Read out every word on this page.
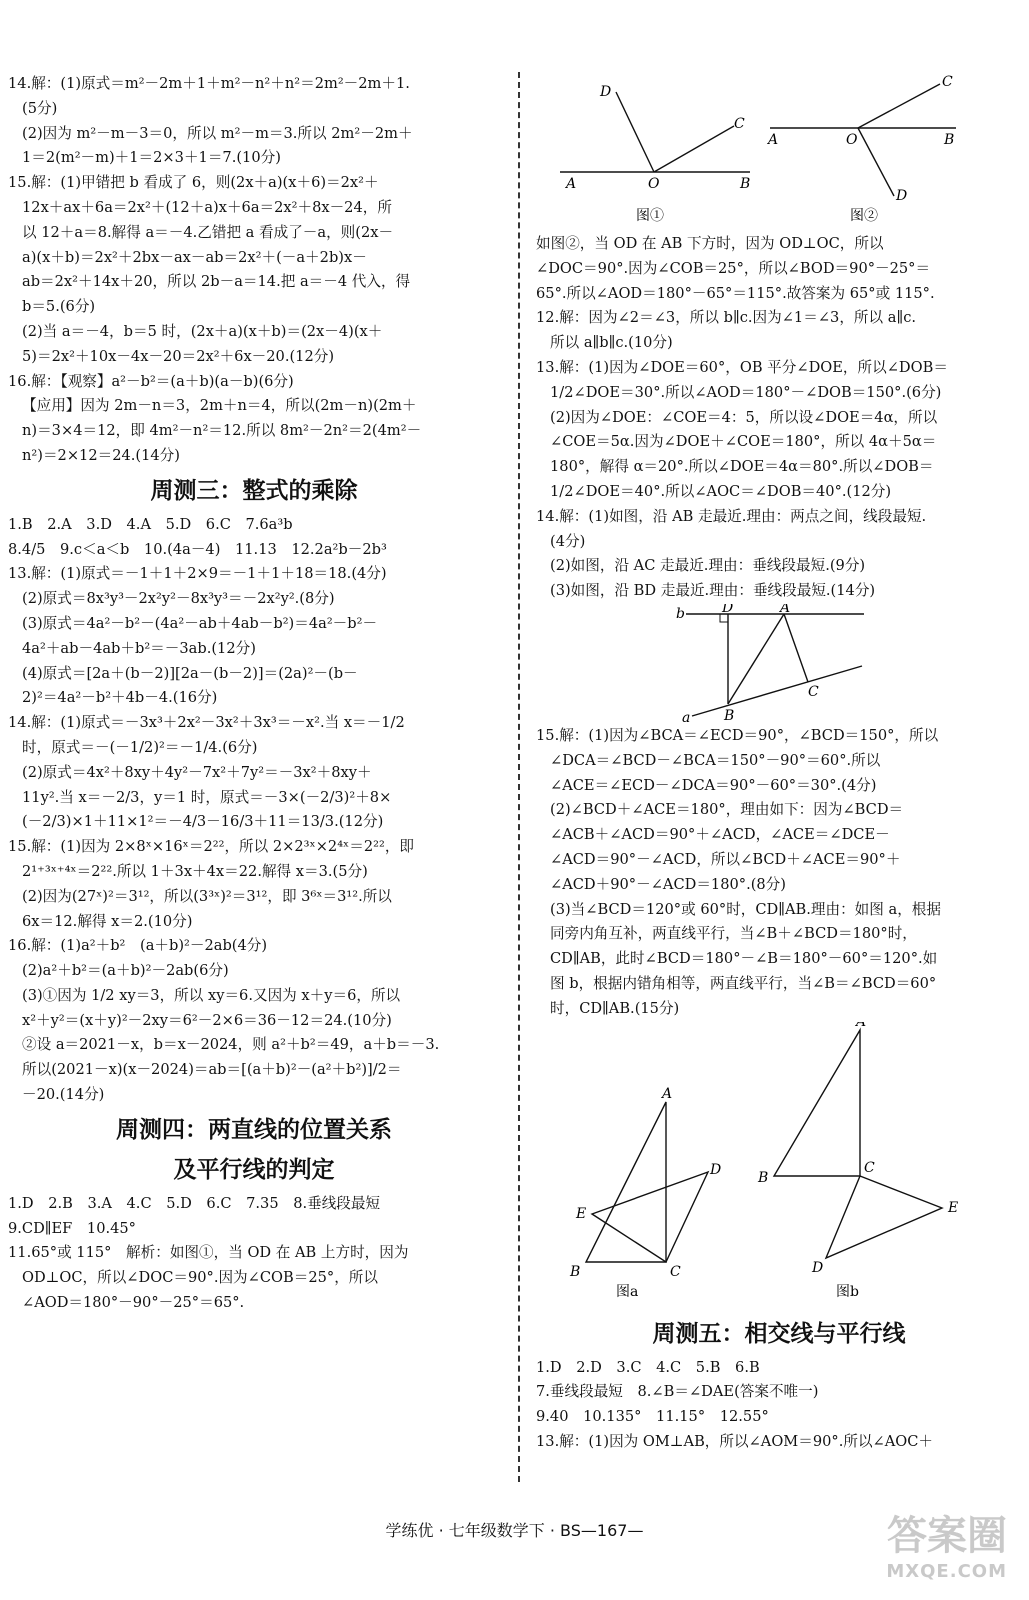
14.解：(1)原式＝m²－2m＋1＋m²－n²＋n²＝2m²－2m＋1.
(5分)
(2)因为 m²－m－3＝0，所以 m²－m＝3.所以 2m²－2m＋
1＝2(m²－m)＋1＝2×3＋1＝7.(10分)
15.解：(1)甲错把 b 看成了 6，则(2x＋a)(x＋6)＝2x²＋
12x＋ax＋6a＝2x²＋(12＋a)x＋6a＝2x²＋8x－24，所
以 12＋a＝8.解得 a＝－4.乙错把 a 看成了－a，则(2x－
a)(x＋b)＝2x²＋2bx－ax－ab＝2x²＋(－a＋2b)x－
ab＝2x²＋14x＋20，所以 2b－a＝14.把 a＝－4 代入，得
b＝5.(6分)
(2)当 a＝－4，b＝5 时，(2x＋a)(x＋b)＝(2x－4)(x＋
5)＝2x²＋10x－4x－20＝2x²＋6x－20.(12分)
16.解：【观察】a²－b²＝(a＋b)(a－b)(6分)
【应用】因为 2m－n＝3，2m＋n＝4，所以(2m－n)(2m＋
n)＝3×4＝12，即 4m²－n²＝12.所以 8m²－2n²＝2(4m²－
n²)＝2×12＝24.(14分)
周测三：整式的乘除
1.B　2.A　3.D　4.A　5.D　6.C　7.6a³b
8.4/5　9.c＜a＜b　10.(4a－4)　11.13　12.2a²b－2b³
13.解：(1)原式＝－1＋1＋2×9＝－1＋1＋18＝18.(4分)
(2)原式＝8x³y³－2x²y²－8x³y³＝－2x²y².(8分)
(3)原式＝4a²－b²－(4a²－ab＋4ab－b²)＝4a²－b²－
4a²＋ab－4ab＋b²＝－3ab.(12分)
(4)原式＝[2a＋(b－2)][2a－(b－2)]＝(2a)²－(b－
2)²＝4a²－b²＋4b－4.(16分)
14.解：(1)原式＝－3x³＋2x²－3x²＋3x³＝－x².当 x＝－1/2
时，原式＝－(－1/2)²＝－1/4.(6分)
(2)原式＝4x²＋8xy＋4y²－7x²＋7y²＝－3x²＋8xy＋
11y².当 x＝－2/3，y＝1 时，原式＝－3×(－2/3)²＋8×
(－2/3)×1＋11×1²＝－4/3－16/3＋11＝13/3.(12分)
15.解：(1)因为 2×8ˣ×16ˣ＝2²²，所以 2×2³ˣ×2⁴ˣ＝2²²，即
2¹⁺³ˣ⁺⁴ˣ＝2²².所以 1＋3x＋4x＝22.解得 x＝3.(5分)
(2)因为(27ˣ)²＝3¹²，所以(3³ˣ)²＝3¹²，即 3⁶ˣ＝3¹².所以
6x＝12.解得 x＝2.(10分)
16.解：(1)a²＋b²　(a＋b)²－2ab(4分)
(2)a²＋b²＝(a＋b)²－2ab(6分)
(3)①因为 1/2 xy＝3，所以 xy＝6.又因为 x＋y＝6，所以
x²＋y²＝(x＋y)²－2xy＝6²－2×6＝36－12＝24.(10分)
②设 a＝2021－x，b＝x－2024，则 a²＋b²＝49，a＋b＝－3.
所以(2021－x)(x－2024)＝ab＝[(a＋b)²－(a²＋b²)]/2＝
－20.(14分)
周测四：两直线的位置关系
及平行线的判定
1.D　2.B　3.A　4.C　5.D　6.C　7.35　8.垂线段最短
9.CD∥EF　10.45°
11.65°或 115°　解析：如图①，当 OD 在 AB 上方时，因为
OD⊥OC，所以∠DOC＝90°.因为∠COB＝25°，所以
∠AOD＝180°－90°－25°＝65°.
A	O	B
D
C
图①
A	O	B
C
D
图②
如图②，当 OD 在 AB 下方时，因为 OD⊥OC，所以
∠DOC＝90°.因为∠COB＝25°，所以∠BOD＝90°－25°＝
65°.所以∠AOD＝180°－65°＝115°.故答案为 65°或 115°.
12.解：因为∠2＝∠3，所以 b∥c.因为∠1＝∠3，所以 a∥c.
所以 a∥b∥c.(10分)
13.解：(1)因为∠DOE＝60°，OB 平分∠DOE，所以∠DOB＝
1/2∠DOE＝30°.所以∠AOD＝180°－∠DOB＝150°.(6分)
(2)因为∠DOE：∠COE＝4：5，所以设∠DOE＝4α，所以
∠COE＝5α.因为∠DOE＋∠COE＝180°，所以 4α＋5α＝
180°，解得 α＝20°.所以∠DOE＝4α＝80°.所以∠DOB＝
1/2∠DOE＝40°.所以∠AOC＝∠DOB＝40°.(12分)
14.解：(1)如图，沿 AB 走最近.理由：两点之间，线段最短.
(4分)
(2)如图，沿 AC 走最近.理由：垂线段最短.(9分)
(3)如图，沿 BD 走最近.理由：垂线段最短.(14分)
D	A
b
C
B
a
15.解：(1)因为∠BCA＝∠ECD＝90°，∠BCD＝150°，所以
∠DCA＝∠BCD－∠BCA＝150°－90°＝60°.所以
∠ACE＝∠ECD－∠DCA＝90°－60°＝30°.(4分)
(2)∠BCD＋∠ACE＝180°，理由如下：因为∠BCD＝
∠ACB＋∠ACD＝90°＋∠ACD，∠ACE＝∠DCE－
∠ACD＝90°－∠ACD，所以∠BCD＋∠ACE＝90°＋
∠ACD＋90°－∠ACD＝180°.(8分)
(3)当∠BCD＝120°或 60°时，CD∥AB.理由：如图 a，根据
同旁内角互补，两直线平行，当∠B＋∠BCD＝180°时，
CD∥AB，此时∠BCD＝180°－∠B＝180°－60°＝120°.如
图 b，根据内错角相等，两直线平行，当∠B＝∠BCD＝60°
时，CD∥AB.(15分)
A
B	C
D
E
图a
A
B
C
D
E
图b
周测五：相交线与平行线
1.D　2.D　3.C　4.C　5.B　6.B
7.垂线段最短　8.∠B＝∠DAE(答案不唯一)
9.40　10.135°　11.15°　12.55°
13.解：(1)因为 OM⊥AB，所以∠AOM＝90°.所以∠AOC＋
学练优 · 七年级数学下 · BS—167—	答案圈
MXQE.COM
